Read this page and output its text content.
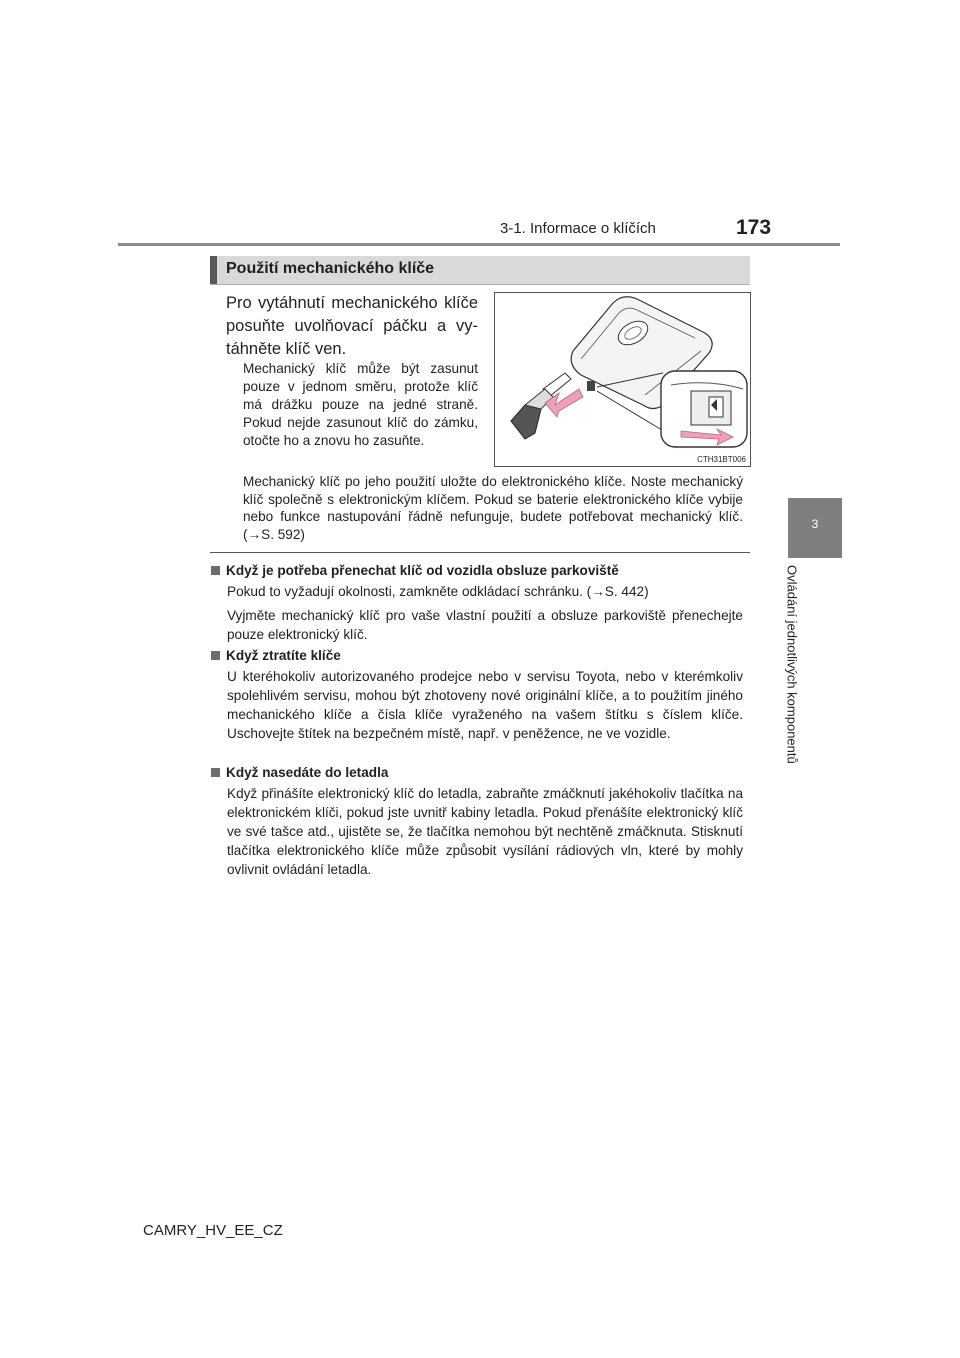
3-1. Informace o klíčích	173
3
Ovládání jednotlivých komponentů
Použití mechanického klíče
Pro vytáhnutí mechanického klíče
posuňte uvolňovací páčku a vy-
táhněte klíč ven.
Mechanický klíč může být zasunut pouze v jednom směru, protože klíč má drážku pouze na jedné straně. Pokud nejde zasunout klíč do zámku, otočte ho a znovu ho zasuňte.
CTH31BT006
Mechanický klíč po jeho použití uložte do elektronického klíče. Noste mechanický klíč společně s elektronickým klíčem. Pokud se baterie elektronického klíče vybije nebo funkce nastupování řádně nefunguje, budete potřebovat mechanický klíč. (→S. 592)
Když je potřeba přenechat klíč od vozidla obsluze parkoviště
Pokud to vyžadují okolnosti, zamkněte odkládací schránku. (→S. 442)
Vyjměte mechanický klíč pro vaše vlastní použití a obsluze parkoviště přenechejte pouze elektronický klíč.
Když ztratíte klíče
U kteréhokoliv autorizovaného prodejce nebo v servisu Toyota, nebo v kterémkoliv spolehlivém servisu, mohou být zhotoveny nové originální klíče, a to použitím jiného mechanického klíče a čísla klíče vyraženého na vašem štítku s číslem klíče. Uschovejte štítek na bezpečném místě, např. v peněžence, ne ve vozidle.
Když nasedáte do letadla
Když přinášíte elektronický klíč do letadla, zabraňte zmáčknutí jakéhokoliv tlačítka na elektronickém klíči, pokud jste uvnitř kabiny letadla. Pokud přenášíte elektronický klíč ve své tašce atd., ujistěte se, že tlačítka nemohou být nechtěně zmáčknuta. Stisknutí tlačítka elektronického klíče může způsobit vysílání rádiových vln, které by mohly ovlivnit ovládání letadla.
CAMRY_HV_EE_CZ
